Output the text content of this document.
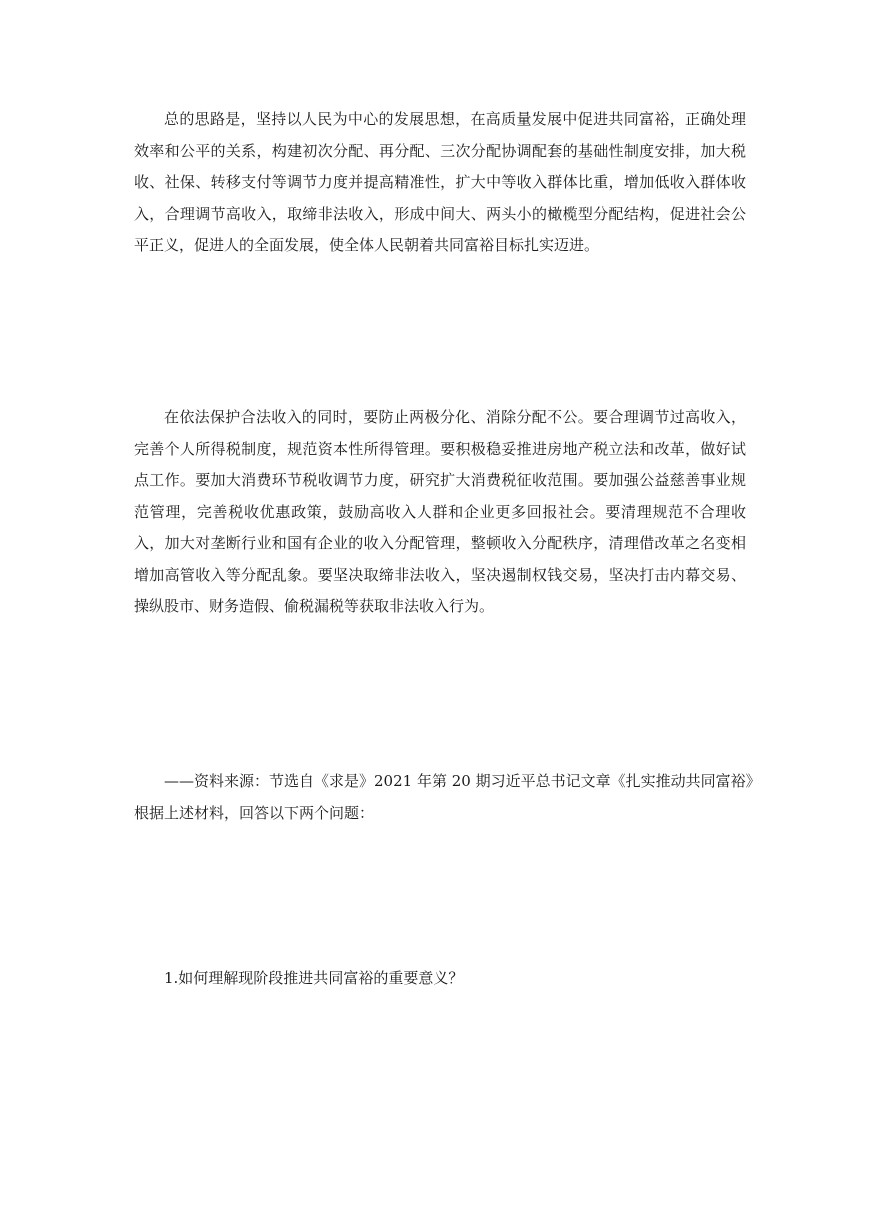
总的思路是，坚持以人民为中心的发展思想，在高质量发展中促进共同富裕，正确处理效率和公平的关系，构建初次分配、再分配、三次分配协调配套的基础性制度安排，加大税收、社保、转移支付等调节力度并提高精准性，扩大中等收入群体比重，增加低收入群体收入，合理调节高收入，取缔非法收入，形成中间大、两头小的橄榄型分配结构，促进社会公平正义，促进人的全面发展，使全体人民朝着共同富裕目标扎实迈进。

在依法保护合法收入的同时，要防止两极分化、消除分配不公。要合理调节过高收入，完善个人所得税制度，规范资本性所得管理。要积极稳妥推进房地产税立法和改革，做好试点工作。要加大消费环节税收调节力度，研究扩大消费税征收范围。要加强公益慈善事业规范管理，完善税收优惠政策，鼓励高收入人群和企业更多回报社会。要清理规范不合理收入，加大对垄断行业和国有企业的收入分配管理，整顿收入分配秩序，清理借改革之名变相增加高管收入等分配乱象。要坚决取缔非法收入，坚决遏制权钱交易，坚决打击内幕交易、操纵股市、财务造假、偷税漏税等获取非法收入行为。

——资料来源：节选自《求是》2021 年第 20 期习近平总书记文章《扎实推动共同富裕》
根据上述材料，回答以下两个问题：

1.如何理解现阶段推进共同富裕的重要意义？
